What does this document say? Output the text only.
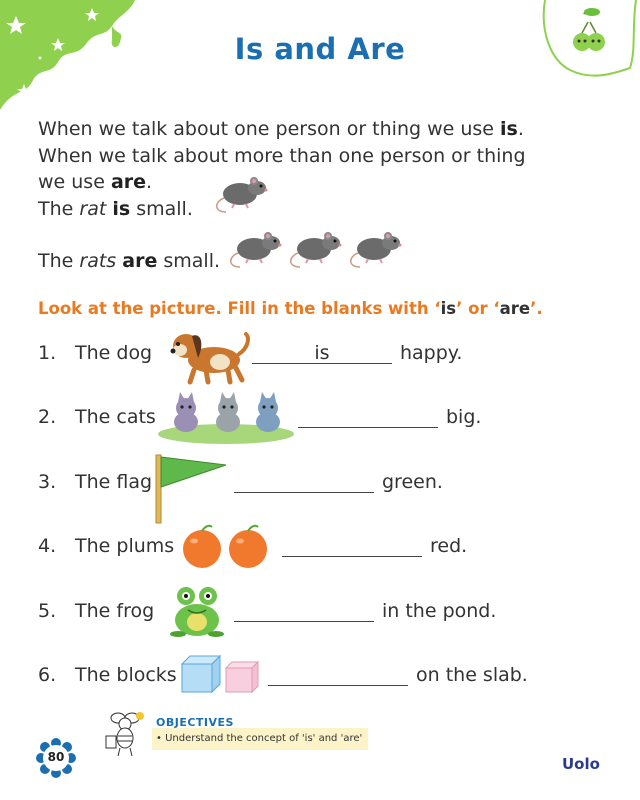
Is and Are
When we talk about one person or thing we use is.
When we talk about more than one person or thing
we use are.
The rat is small.
The rats are small.
Look at the picture. Fill in the blanks with ‘is’ or ‘are’.
1. The dog	is	happy.
2. The cats	big.
3. The flag	green.
4. The plums	red.
5. The frog	in the pond.
6. The blocks	on the slab.
OBJECTIVES
• Understand the concept of 'is' and 'are'
80	Uolo
